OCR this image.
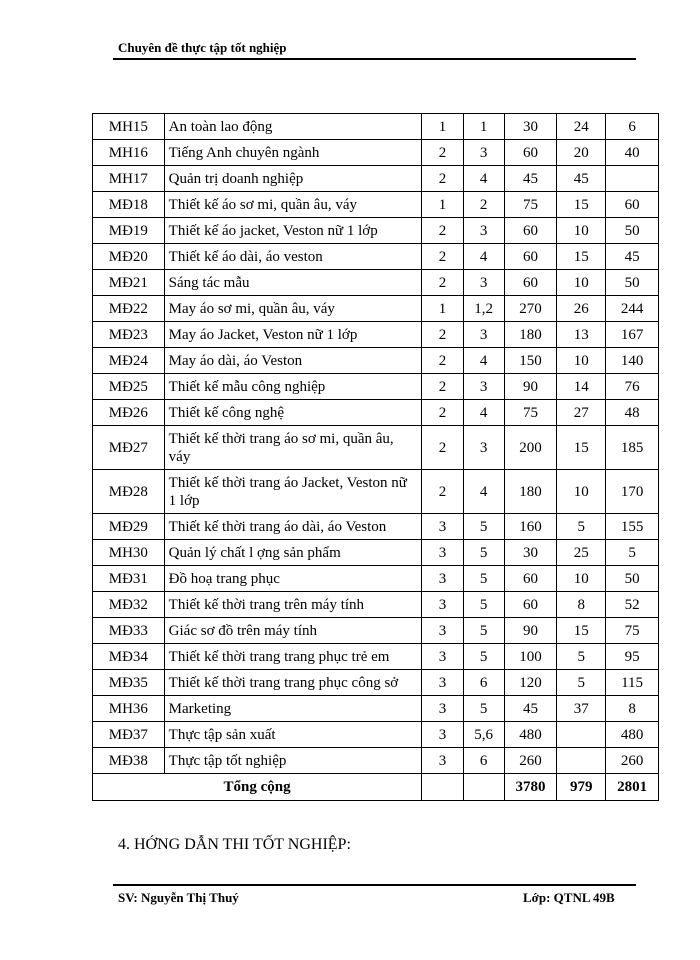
Chuyên đề thực tập tốt nghiệp
MH15	An toàn lao động	1	1	30	24	6
MH16	Tiếng Anh chuyên ngành	2	3	60	20	40
MH17	Quản trị doanh nghiệp	2	4	45	45	
MĐ18	Thiết kế áo sơ mi, quần âu, váy	1	2	75	15	60
MĐ19	Thiết kế áo jacket, Veston nữ 1 lớp	2	3	60	10	50
MĐ20	Thiết kế áo dài, áo veston	2	4	60	15	45
MĐ21	Sáng tác mẫu	2	3	60	10	50
MĐ22	May áo sơ mi, quần âu, váy	1	1,2	270	26	244
MĐ23	May áo Jacket, Veston nữ 1 lớp	2	3	180	13	167
MĐ24	May áo dài, áo Veston	2	4	150	10	140
MĐ25	Thiết kế mẫu công nghiệp	2	3	90	14	76
MĐ26	Thiết kế công nghệ	2	4	75	27	48
MĐ27	Thiết kế thời trang áo sơ mi, quần âu, váy	2	3	200	15	185
MĐ28	Thiết kế thời trang áo Jacket, Veston nữ 1 lớp	2	4	180	10	170
MĐ29	Thiết kế thời trang áo dài, áo Veston	3	5	160	5	155
MH30	Quản lý chất l ợng sản phẩm	3	5	30	25	5
MĐ31	Đồ hoạ trang phục	3	5	60	10	50
MĐ32	Thiết kế thời trang trên máy tính	3	5	60	8	52
MĐ33	Giác sơ đồ trên máy tính	3	5	90	15	75
MĐ34	Thiết kế thời trang trang phục trẻ em	3	5	100	5	95
MĐ35	Thiết kế thời trang trang phục công sở	3	6	120	5	115
MH36	Marketing	3	5	45	37	8
MĐ37	Thực tập sản xuất	3	5,6	480		480
MĐ38	Thực tập tốt nghiệp	3	6	260		260
Tổng cộng				3780	979	2801
4. HỚNG DẪN THI TỐT NGHIỆP:
SV: Nguyễn Thị Thuý	Lớp: QTNL 49B
